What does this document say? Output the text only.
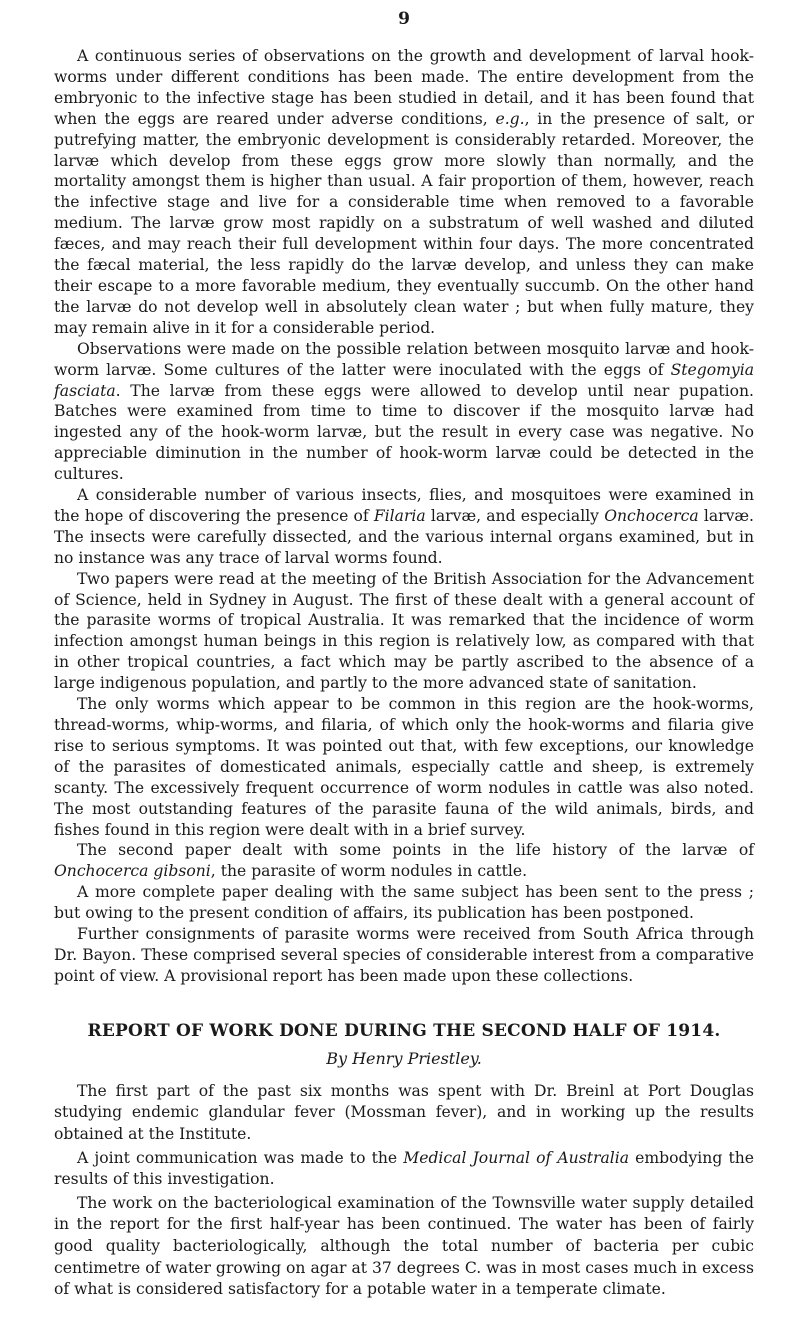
9

A continuous series of observations on the growth and development of larval hook-worms under different conditions has been made. The entire development from the embryonic to the infective stage has been studied in detail, and it has been found that when the eggs are reared under adverse conditions, e.g., in the presence of salt, or putrefying matter, the embryonic development is considerably retarded. Moreover, the larvæ which develop from these eggs grow more slowly than normally, and the mortality amongst them is higher than usual. A fair proportion of them, however, reach the infective stage and live for a considerable time when removed to a favorable medium. The larvæ grow most rapidly on a substratum of well washed and diluted fæces, and may reach their full development within four days. The more concentrated the fæcal material, the less rapidly do the larvæ develop, and unless they can make their escape to a more favorable medium, they eventually succumb. On the other hand the larvæ do not develop well in absolutely clean water ; but when fully mature, they may remain alive in it for a considerable period.

Observations were made on the possible relation between mosquito larvæ and hook-worm larvæ. Some cultures of the latter were inoculated with the eggs of Stegomyia fasciata. The larvæ from these eggs were allowed to develop until near pupation. Batches were examined from time to time to discover if the mosquito larvæ had ingested any of the hook-worm larvæ, but the result in every case was negative. No appreciable diminution in the number of hook-worm larvæ could be detected in the cultures.

A considerable number of various insects, flies, and mosquitoes were examined in the hope of discovering the presence of Filaria larvæ, and especially Onchocerca larvæ. The insects were carefully dissected, and the various internal organs examined, but in no instance was any trace of larval worms found.

Two papers were read at the meeting of the British Association for the Advancement of Science, held in Sydney in August. The first of these dealt with a general account of the parasite worms of tropical Australia. It was remarked that the incidence of worm infection amongst human beings in this region is relatively low, as compared with that in other tropical countries, a fact which may be partly ascribed to the absence of a large indigenous population, and partly to the more advanced state of sanitation.

The only worms which appear to be common in this region are the hook-worms, thread-worms, whip-worms, and filaria, of which only the hook-worms and filaria give rise to serious symptoms. It was pointed out that, with few exceptions, our knowledge of the parasites of domesticated animals, especially cattle and sheep, is extremely scanty. The excessively frequent occurrence of worm nodules in cattle was also noted. The most outstanding features of the parasite fauna of the wild animals, birds, and fishes found in this region were dealt with in a brief survey.

The second paper dealt with some points in the life history of the larvæ of Onchocerca gibsoni, the parasite of worm nodules in cattle.

A more complete paper dealing with the same subject has been sent to the press ; but owing to the present condition of affairs, its publication has been postponed.

Further consignments of parasite worms were received from South Africa through Dr. Bayon. These comprised several species of considerable interest from a comparative point of view. A provisional report has been made upon these collections.

REPORT OF WORK DONE DURING THE SECOND HALF OF 1914.
By Henry Priestley.

The first part of the past six months was spent with Dr. Breinl at Port Douglas studying endemic glandular fever (Mossman fever), and in working up the results obtained at the Institute.

A joint communication was made to the Medical Journal of Australia embodying the results of this investigation.

The work on the bacteriological examination of the Townsville water supply detailed in the report for the first half-year has been continued. The water has been of fairly good quality bacteriologically, although the total number of bacteria per cubic centimetre of water growing on agar at 37 degrees C. was in most cases much in excess of what is considered satisfactory for a potable water in a temperate climate.
